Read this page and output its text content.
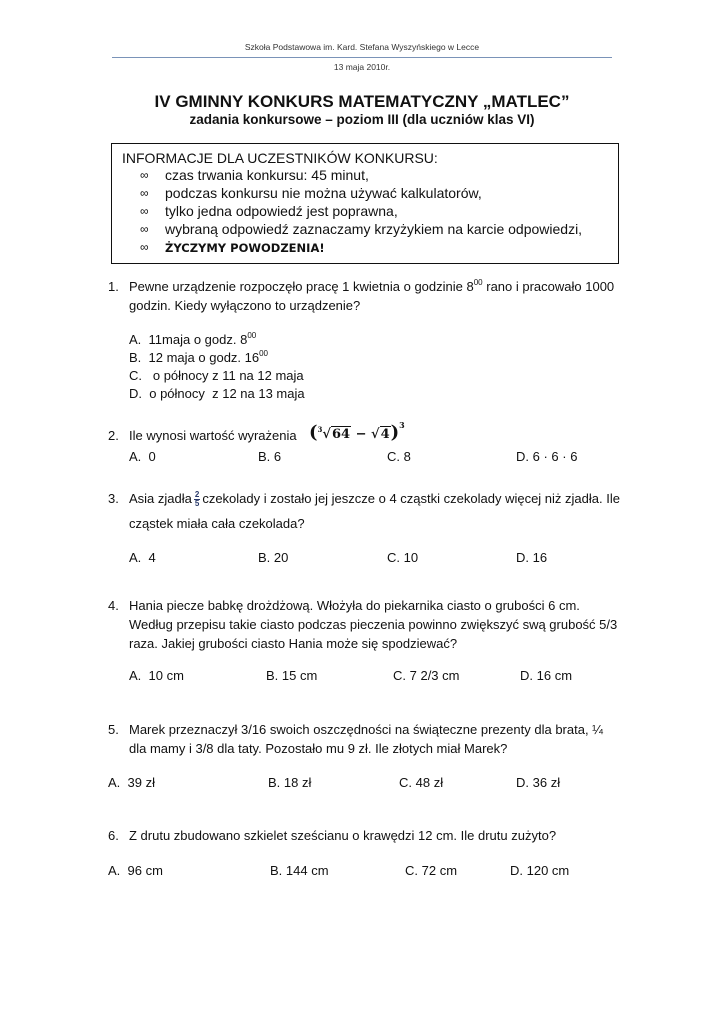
Szkoła Podstawowa im. Kard. Stefana Wyszyńskiego w Lecce
13 maja 2010r.
IV GMINNY KONKURS MATEMATYCZNY „MATLEC”
zadania konkursowe – poziom III (dla uczniów klas VI)
INFORMACJE DLA UCZESTNIKÓW KONKURSU:
∞ czas trwania konkursu: 45 minut,
∞ podczas konkursu nie można używać kalkulatorów,
∞ tylko jedna odpowiedź jest poprawna,
∞ wybraną odpowiedź zaznaczamy krzyżykiem na karcie odpowiedzi,
∞ ŻYCZYMY POWODZENIA!
1. Pewne urządzenie rozpoczęło pracę 1 kwietnia o godzinie $8^{00}$ rano i pracowało 1000
godzin. Kiedy wyłączono to urządzenie?
A. 11maja o godz. $8^{00}$
B. 12 maja o godz. $16^{00}$
C.   o północy z 11 na 12 maja
D. o północy  z 12 na 13 maja
2. Ile wynosi wartość wyrażenia $(^3√64 - √4)^3$
A. 0	B. 6	C. 8	D. 6 · 6 · 6
3. Asia zjadła $\frac{2}{5}$ czekolady i zostało jej jeszcze o 4 cząstki czekolady więcej niż zjadła. Ile
cząstek miała cała czekolada?
A. 4	B. 20	C. 10	D. 16
4. Hania piecze babkę drożdżową. Włożyła do piekarnika ciasto o grubości 6 cm.
Według przepisu takie ciasto podczas pieczenia powinno zwiększyć swą grubość 5/3
raza. Jakiej grubości ciasto Hania może się spodziewać?
A. 10 cm	B. 15 cm	C. 7 2/3 cm	D. 16 cm
5. Marek przeznaczył 3/16 swoich oszczędności na świąteczne prezenty dla brata, ¼
dla mamy i 3/8 dla taty. Pozostało mu 9 zł. Ile złotych miał Marek?
A. 39 zł	B. 18 zł	C. 48 zł	D. 36 zł
6. Z drutu zbudowano szkielet sześcianu o krawędzi 12 cm. Ile drutu zużyto?
A. 96 cm	B. 144 cm	C. 72 cm	D. 120 cm
